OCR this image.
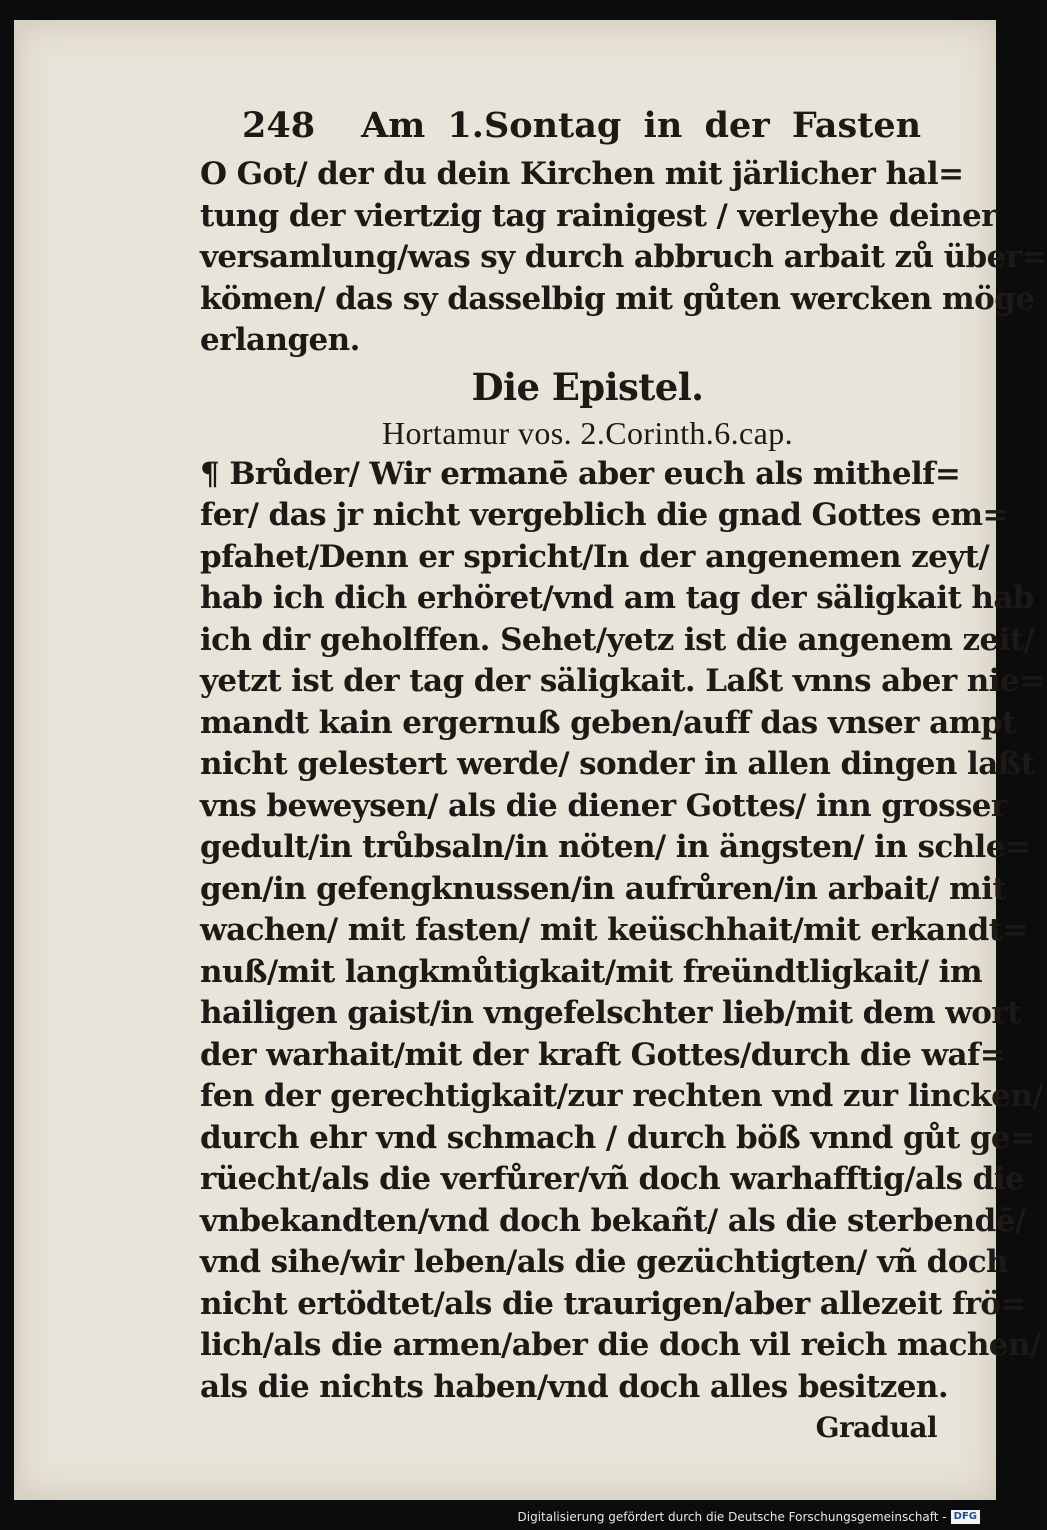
248 Am 1.Sontag in der Fasten
O Got/ der du dein Kirchen mit järlicher hal=
tung der viertzig tag rainigest / verleyhe deiner
versamlung/was sy durch abbruch arbait zů über=
kömen/ das sy dasselbig mit gůten wercken möge
erlangen.
Die Epistel.
Hortamur vos. 2.Corinth.6.cap.
¶ Brůder/ Wir ermanē aber euch als mithelf=
fer/ das jr nicht vergeblich die gnad Gottes em=
pfahet/Denn er spricht/In der angenemen zeyt/
hab ich dich erhöret/vnd am tag der säligkait hab
ich dir geholffen. Sehet/yetz ist die angenem zeit/
yetzt ist der tag der säligkait. Laßt vnns aber nie=
mandt kain ergernuß geben/auff das vnser ampt
nicht gelestert werde/ sonder in allen dingen laßt
vns beweysen/ als die diener Gottes/ inn grosser
gedult/in trůbsaln/in nöten/ in ängsten/ in schle=
gen/in gefengknussen/in aufrůren/in arbait/ mit
wachen/ mit fasten/ mit keüschhait/mit erkandt=
nuß/mit langkmůtigkait/mit freündtligkait/ im
hailigen gaist/in vngefelschter lieb/mit dem wort
der warhait/mit der kraft Gottes/durch die waf=
fen der gerechtigkait/zur rechten vnd zur lincken/
durch ehr vnd schmach / durch böß vnnd gůt ge=
rüecht/als die verfůrer/vñ doch warhafftig/als die
vnbekandten/vnd doch bekañt/ als die sterbendē/
vnd sihe/wir leben/als die gezüchtigten/ vñ doch
nicht ertödtet/als die traurigen/aber allezeit frö=
lich/als die armen/aber die doch vil reich machen/
als die nichts haben/vnd doch alles besitzen.
Gradual
Digitalisierung gefördert durch die Deutsche Forschungsgemeinschaft - DFG
